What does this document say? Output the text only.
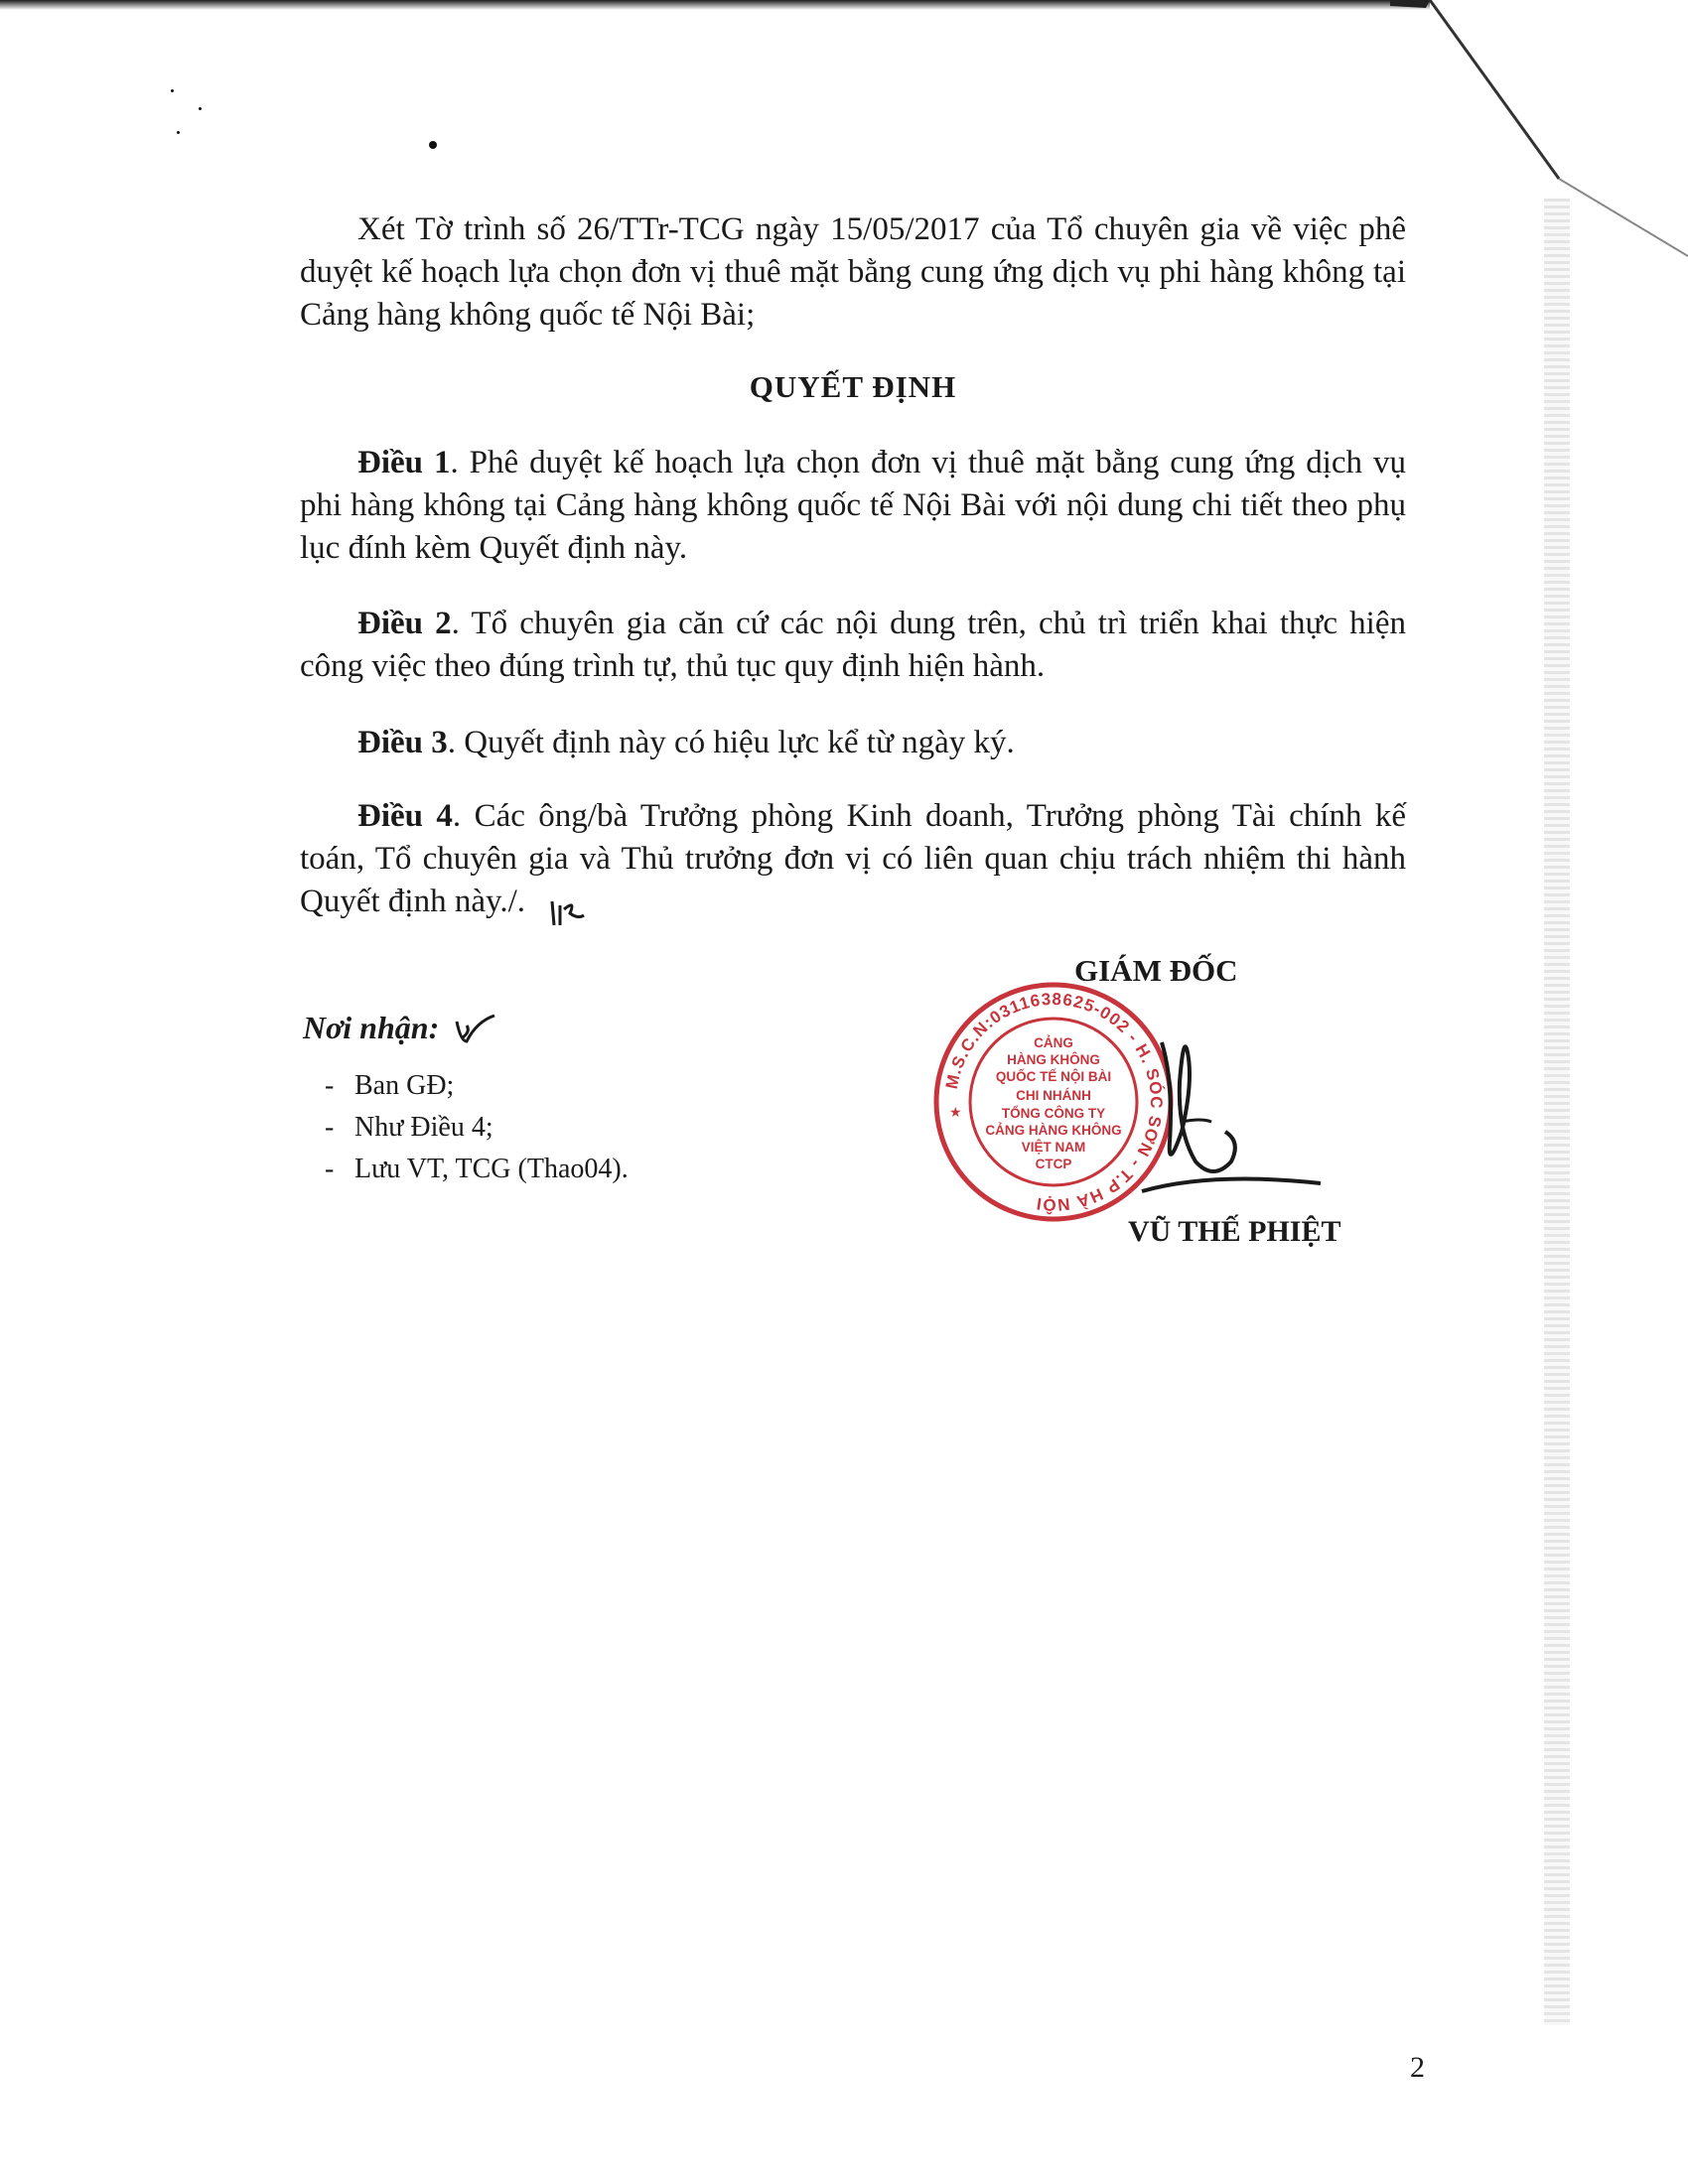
Xét Tờ trình số 26/TTr-TCG ngày 15/05/2017 của Tổ chuyên gia về việc phê duyệt kế hoạch lựa chọn đơn vị thuê mặt bằng cung ứng dịch vụ phi hàng không tại Cảng hàng không quốc tế Nội Bài;

QUYẾT ĐỊNH

Điều 1. Phê duyệt kế hoạch lựa chọn đơn vị thuê mặt bằng cung ứng dịch vụ phi hàng không tại Cảng hàng không quốc tế Nội Bài với nội dung chi tiết theo phụ lục đính kèm Quyết định này.

Điều 2. Tổ chuyên gia căn cứ các nội dung trên, chủ trì triển khai thực hiện công việc theo đúng trình tự, thủ tục quy định hiện hành.

Điều 3. Quyết định này có hiệu lực kể từ ngày ký.

Điều 4. Các ông/bà Trưởng phòng Kinh doanh, Trưởng phòng Tài chính kế toán, Tổ chuyên gia và Thủ trưởng đơn vị có liên quan chịu trách nhiệm thi hành Quyết định này./.

Nơi nhận:
- Ban GĐ;
- Như Điều 4;
- Lưu VT, TCG (Thao04).
GIÁM ĐỐC
M.S.C.N:0311638625-002 - H. SÓC SƠN - T.P HÀ NỘI
CẢNG
HÀNG KHÔNG
QUỐC TẾ NỘI BÀI
CHI NHÁNH
TỔNG CÔNG TY
CẢNG HÀNG KHÔNG
VIỆT NAM
CTCP
★
VŨ THẾ PHIỆT
2
